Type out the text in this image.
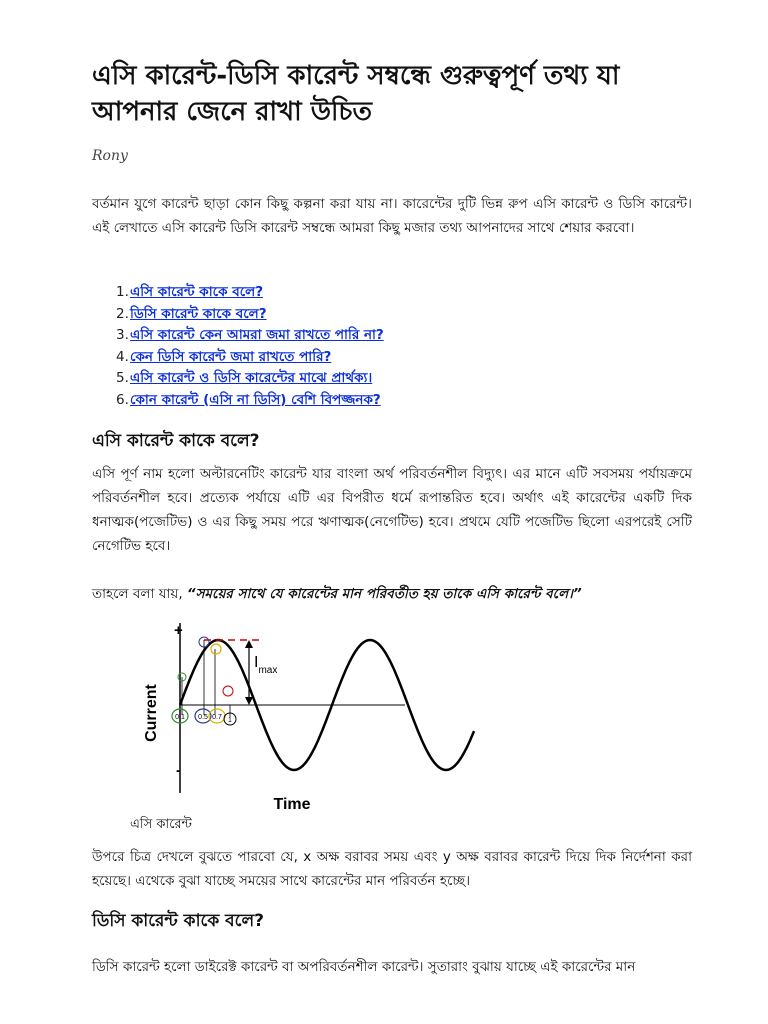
এসি কারেন্ট-ডিসি কারেন্ট সম্বন্ধে গুরুত্বপূর্ণ তথ্য যা আপনার জেনে রাখা উচিত
Rony

বর্তমান যুগে কারেন্ট ছাড়া কোন কিছু কল্পনা করা যায় না। কারেন্টের দুটি ভিন্ন রুপ এসি কারেন্ট ও ডিসি কারেন্ট। এই লেখাতে এসি কারেন্ট ডিসি কারেন্ট সম্বন্ধে আমরা কিছু মজার তথ্য আপনাদের সাথে শেয়ার করবো।

1. এসি কারেন্ট কাকে বলে?
2. ডিসি কারেন্ট কাকে বলে?
3. এসি কারেন্ট কেন আমরা জমা রাখতে পারি না?
4. কেন ডিসি কারেন্ট জমা রাখতে পারি?
5. এসি কারেন্ট ও ডিসি কারেন্টের মাঝে প্রার্থক্য।
6. কোন কারেন্ট (এসি না ডিসি) বেশি বিপজ্জনক?
এসি কারেন্ট কাকে বলে?

এসি পূর্ণ নাম হলো অল্টারনেটিং কারেন্ট যার বাংলা অর্থ পরিবর্তনশীল বিদ্যুৎ। এর মানে এটি সবসময় পর্যায়ক্রমে পরিবর্তনশীল হবে। প্রত্যেক পর্যায়ে এটি এর বিপরীত ধর্মে রূপান্তরিত হবে। অর্থাৎ এই কারেন্টের একটি দিক ধনাত্মক(পজেটিভ) ও এর কিছু সময় পরে ঋণাত্মক(নেগেটিভ) হবে। প্রথমে যেটি পজেটিভ ছিলো এরপরেই সেটি নেগেটিভ হবে।

তাহলে বলা যায়, “সময়ের সাথে যে কারেন্টের মান পরিবর্তীত হয় তাকে এসি কারেন্ট বলে।”

+
-
Current
Time
$I_{max}$
0.1 0.5 0.7 1
এসি কারেন্ট

উপরে চিত্র দেখলে বুঝতে পারবো যে, x অক্ষ বরাবর সময় এবং y অক্ষ বরাবর কারেন্ট দিয়ে দিক নির্দেশনা করা হয়েছে। এথেকে বুঝা যাচ্ছে সময়ের সাথে কারেন্টের মান পরিবর্তন হচ্ছে।

ডিসি কারেন্ট কাকে বলে?

ডিসি কারেন্ট হলো ডাইরেক্ট কারেন্ট বা অপরিবর্তনশীল কারেন্ট। সুতারাং বুঝায় যাচ্ছে এই কারেন্টের মান
